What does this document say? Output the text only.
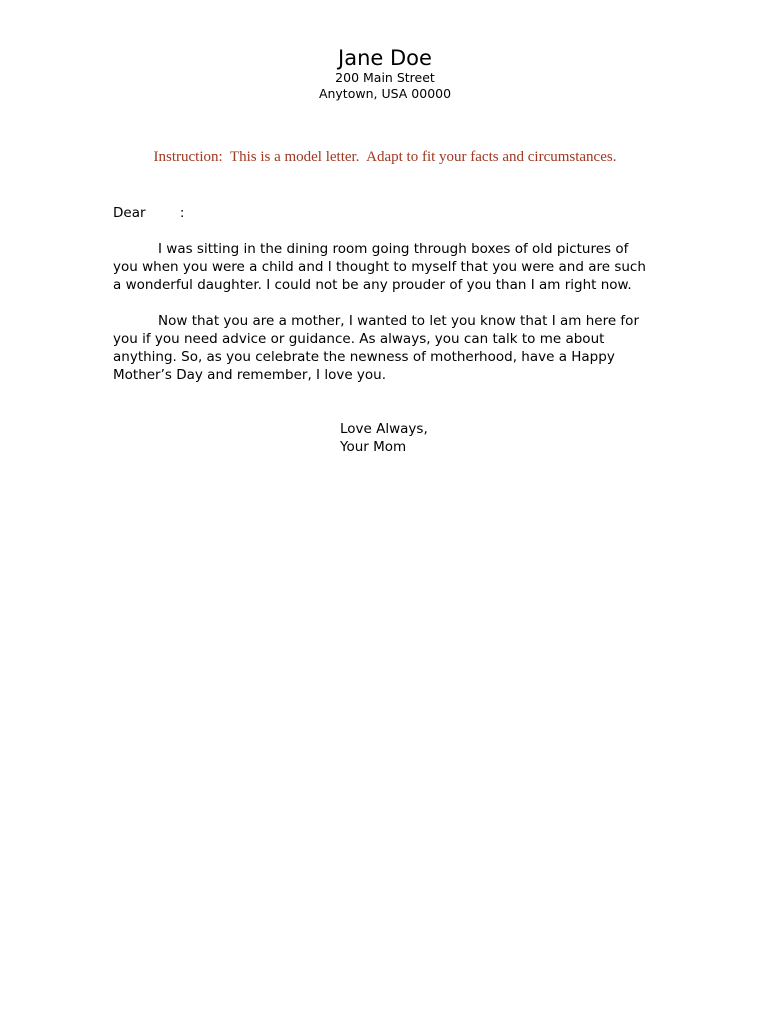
Jane Doe
200 Main Street
Anytown, USA 00000
Instruction:  This is a model letter.  Adapt to fit your facts and circumstances.
Dear        :

I was sitting in the dining room going through boxes of old pictures of you when you were a child and I thought to myself that you were and are such a wonderful daughter. I could not be any prouder of you than I am right now.

Now that you are a mother, I wanted to let you know that I am here for you if you need advice or guidance. As always, you can talk to me about anything. So, as you celebrate the newness of motherhood, have a Happy Mother’s Day and remember, I love you.

Love Always,
Your Mom
